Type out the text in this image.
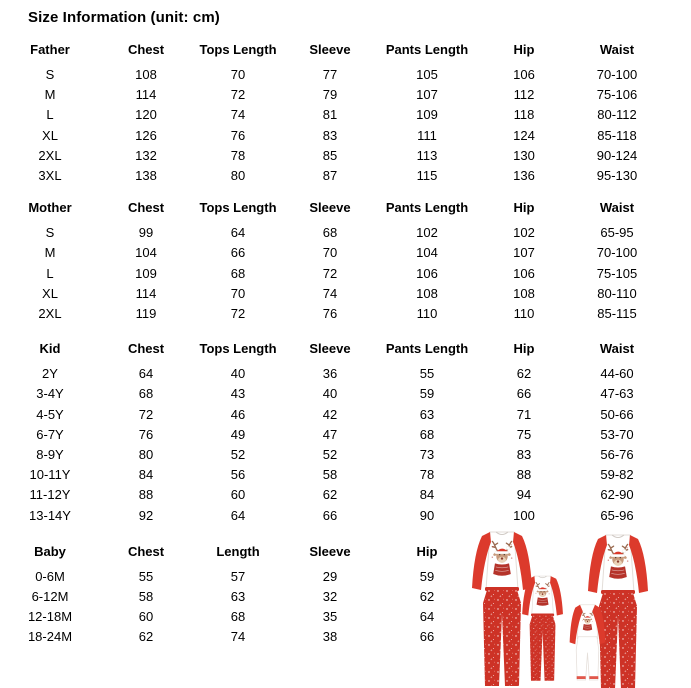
Size Information (unit: cm)
Father	Chest	Tops Length	Sleeve	Pants Length	Hip	Waist
S	108	70	77	105	106	70-100
M	114	72	79	107	112	75-106
L	120	74	81	109	118	80-112
XL	126	76	83	111	124	85-118
2XL	132	78	85	113	130	90-124
3XL	138	80	87	115	136	95-130
Mother	Chest	Tops Length	Sleeve	Pants Length	Hip	Waist
S	99	64	68	102	102	65-95
M	104	66	70	104	107	70-100
L	109	68	72	106	106	75-105
XL	114	70	74	108	108	80-110
2XL	119	72	76	110	110	85-115
Kid	Chest	Tops Length	Sleeve	Pants Length	Hip	Waist
2Y	64	40	36	55	62	44-60
3-4Y	68	43	40	59	66	47-63
4-5Y	72	46	42	63	71	50-66
6-7Y	76	49	47	68	75	53-70
8-9Y	80	52	52	73	83	56-76
10-11Y	84	56	58	78	88	59-82
11-12Y	88	60	62	84	94	62-90
13-14Y	92	64	66	90	100	65-96
Baby	Chest	Length	Sleeve	Hip
0-6M	55	57	29	59
6-12M	58	63	32	62
12-18M	60	68	35	64
18-24M	62	74	38	66
